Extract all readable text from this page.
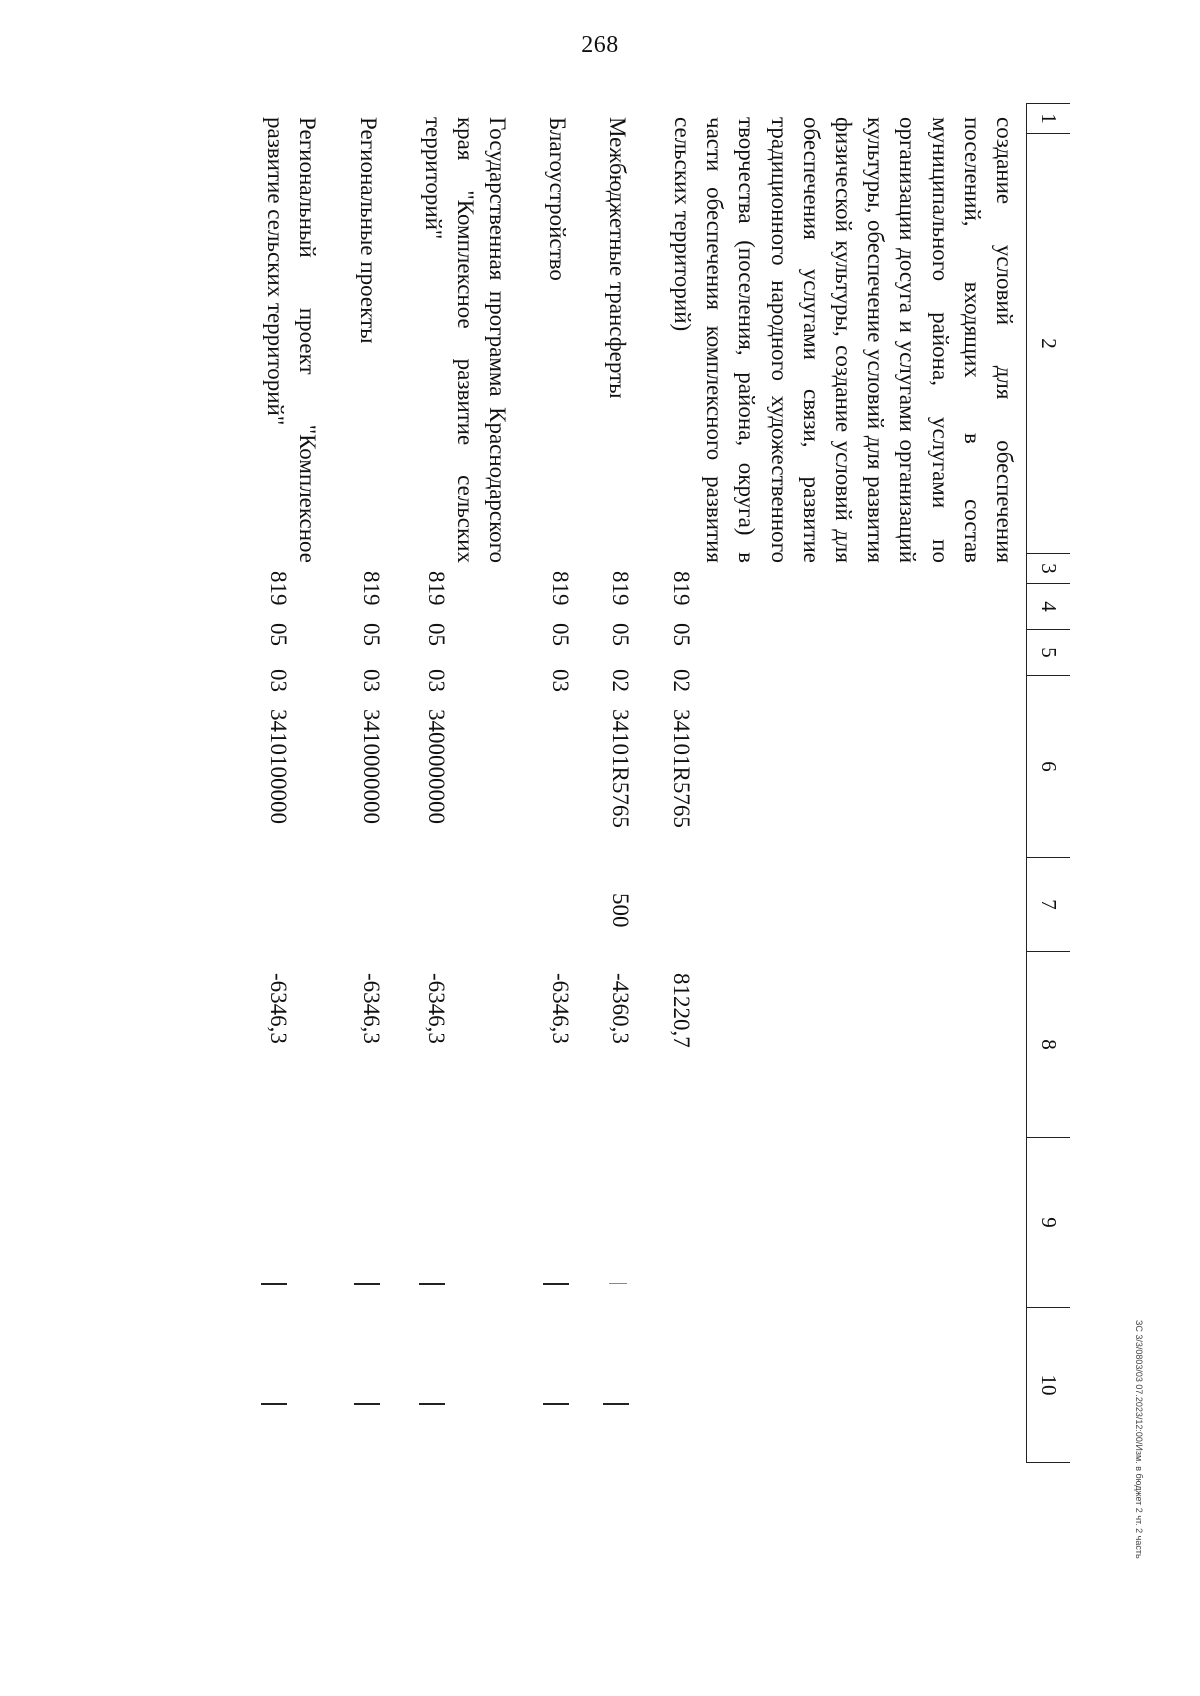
268
1
2
3
4
5
6
7
8
9
10
создание условий для обеспечения поселений, входящих в состав муниципального района, услугами по организации досуга и услугами организаций культуры, обеспечение условий для развития физической культуры, создание условий для обеспечения услугами связи, развитие традиционного народного художественного творчества (поселения, района, округа) в части обеспечения комплексного развития сельских территорий)
819
05
02
34101R5765
81220,7
Межбюджетные трансферты
819
05
02
34101R5765
500
-4360,3
Благоустройство
819
05
03
-6346,3
Государственная программа Краснодарского края "Комплексное развитие сельских территорий"
819
05
03
3400000000
-6346,3
Региональные проекты
819
05
03
3410000000
-6346,3
Региональный проект "Комплексное развитие сельских территорий"
819
05
03
3410100000
-6346,3
ЗС 3/3/0803/03 07.2023/12:00/Изм. в бюджет 2 чт. 2 часть
